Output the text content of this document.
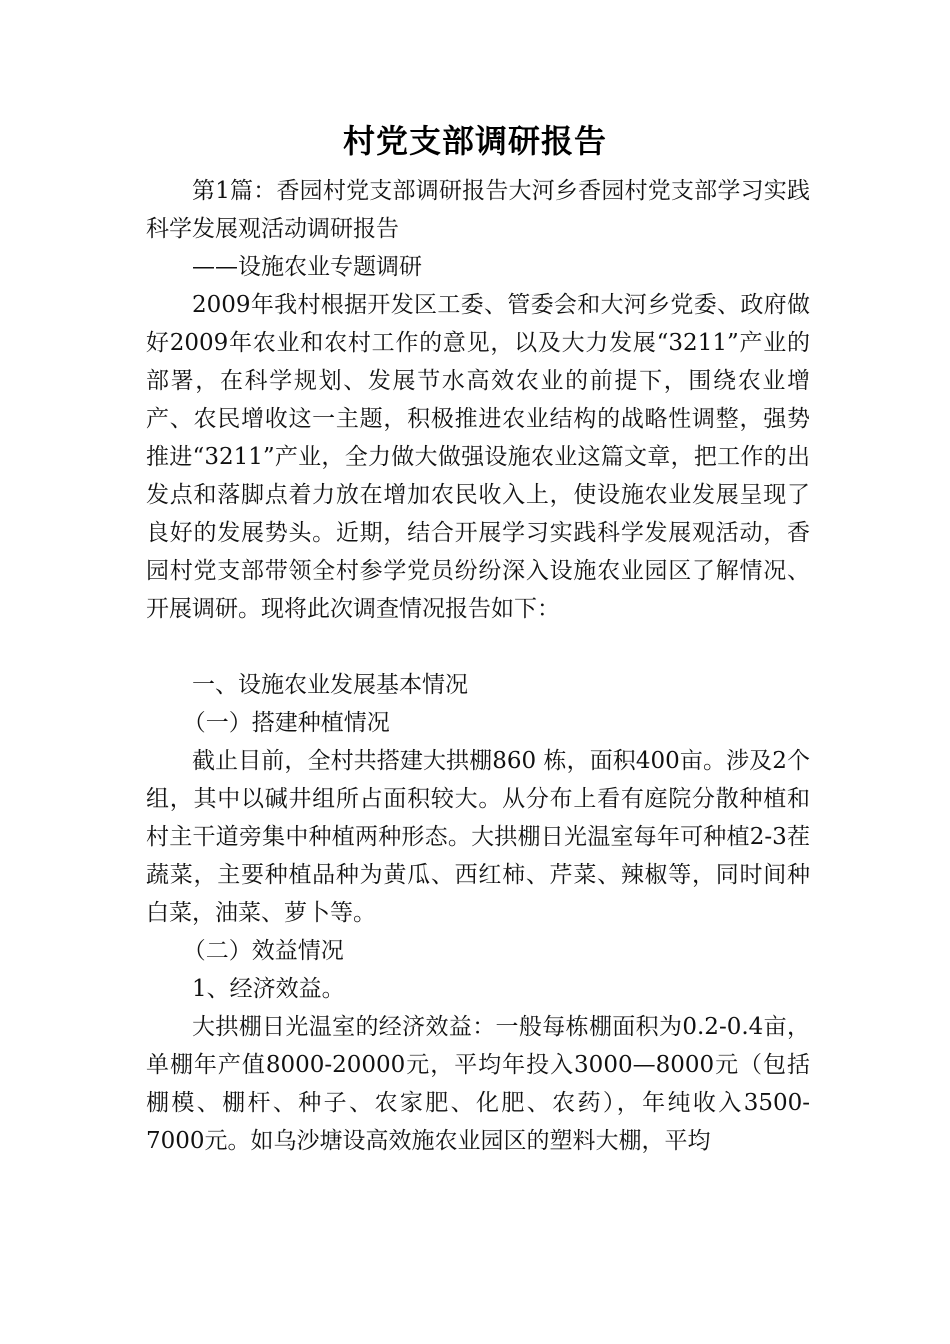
村党支部调研报告

第1篇：香园村党支部调研报告大河乡香园村党支部学习实践科学发展观活动调研报告

——设施农业专题调研

2009年我村根据开发区工委、管委会和大河乡党委、政府做好2009年农业和农村工作的意见，以及大力发展“3211”产业的部署，在科学规划、发展节水高效农业的前提下，围绕农业增产、农民增收这一主题，积极推进农业结构的战略性调整，强势推进“3211”产业，全力做大做强设施农业这篇文章，把工作的出发点和落脚点着力放在增加农民收入上，使设施农业发展呈现了良好的发展势头。近期，结合开展学习实践科学发展观活动，香园村党支部带领全村参学党员纷纷深入设施农业园区了解情况、开展调研。现将此次调查情况报告如下：

一、设施农业发展基本情况

（一）搭建种植情况

截止目前，全村共搭建大拱棚860 栋，面积400亩。涉及2个组，其中以碱井组所占面积较大。从分布上看有庭院分散种植和村主干道旁集中种植两种形态。大拱棚日光温室每年可种植2-3茬蔬菜，主要种植品种为黄瓜、西红柿、芹菜、辣椒等，同时间种白菜，油菜、萝卜等。

（二）效益情况

1、经济效益。

大拱棚日光温室的经济效益：一般每栋棚面积为0.2-0.4亩，单棚年产值8000-20000元，平均年投入3000—8000元（包括棚模、棚杆、种子、农家肥、化肥、农药），年纯收入3500-7000元。如乌沙塘设高效施农业园区的塑料大棚，平均
